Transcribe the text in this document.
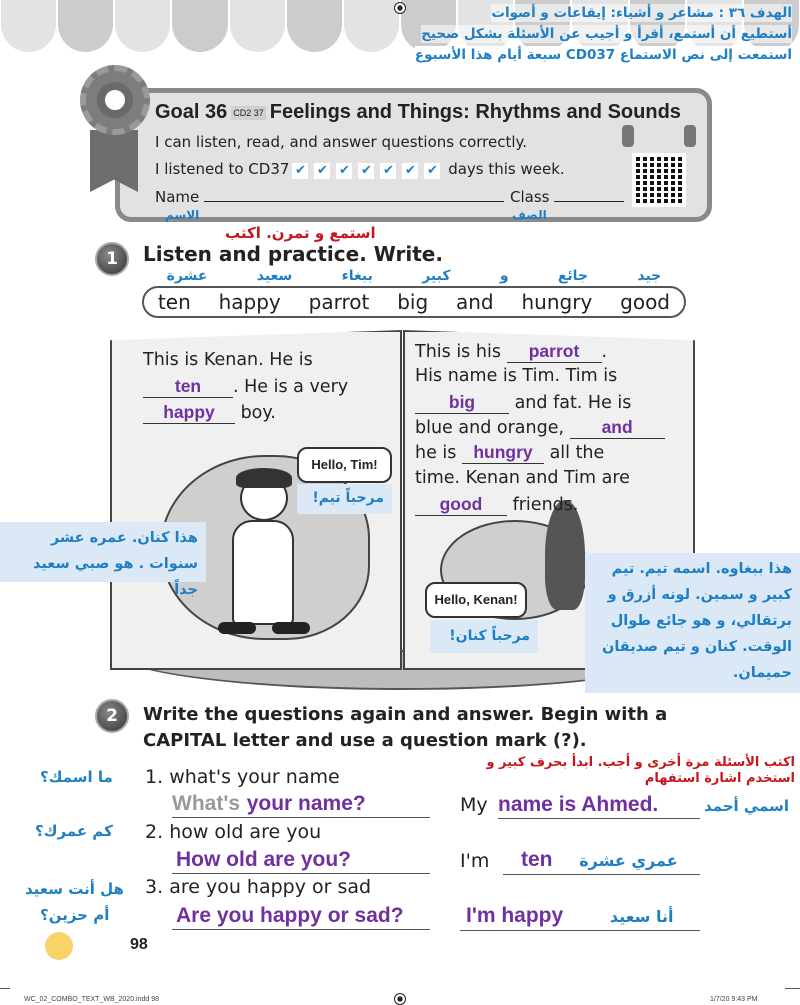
الهدف ٣٦ : مشاعر و أشياء: إيقاعات و أصوات
أستطيع أن أستمع، أقرأ و أجيب عن الأسئلة بشكل صحيح
استمعت إلى نص الاستماع CD037 سبعة أيام هذا الأسبوع
Goal 36 CD2 37 Feelings and Things: Rhythms and Sounds
I can listen, read, and answer questions correctly.
I listened to CD37 ✔ ✔ ✔ ✔ ✔ ✔ ✔ days this week.
Name	Class
الاسم	الصف
استمع و تمرن. اكتب
1	Listen and practice. Write.
عشرة	سعيد	ببغاء	كبير	و	جائع	جيد
ten happy parrot big and hungry good
This is Kenan. He is
ten . He is a very
happy boy.
This is his parrot .
His name is Tim. Tim is
big and fat. He is
blue and orange, and
he is hungry all the
time. Kenan and Tim are
good friends.
Hello, Tim!
مرحباً تيم!
هذا كنان. عمره عشر
سنوات . هو صبي سعيد جداً
Hello, Kenan!
مرحباً كنان!
هذا ببغاوه. اسمه تيم. تيم
كبير و سمين. لونه أزرق و
برتقالي، و هو جائع طوال
الوقت. كنان و تيم صديقان
حميمان.
2	Write the questions again and answer. Begin with a
CAPITAL letter and use a question mark (?).
اكتب الأسئلة مرة أخرى و أجب. ابدأ بحرف كبير و استخدم اشارة استفهام
ما اسمك؟ 1. what's your name
What's your name?	My name is Ahmed.	اسمي أحمد
كم عمرك؟ 2. how old are you
How old are you?	I'm	ten عمري عشرة
هل أنت سعيد
أم حزين؟
3. are you happy or sad
Are you happy or sad?	I'm happy	أنا سعيد
98
WC_02_COMBO_TEXT_WB_2020.indd 98	1/7/20 9:43 PM
